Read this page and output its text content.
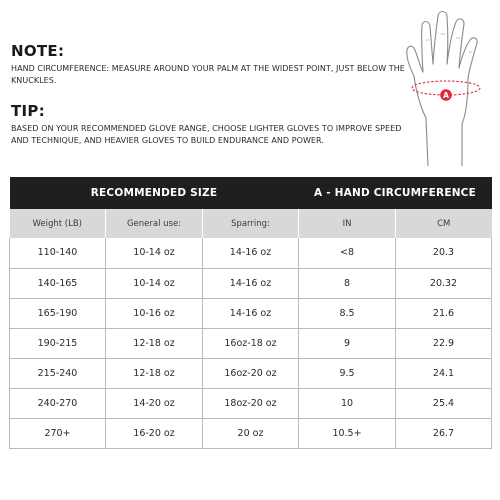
NOTE:
HAND CIRCUMFERENCE: MEASURE AROUND YOUR PALM AT THE WIDEST POINT, JUST BELOW THE KNUCKLES.
TIP:
BASED ON YOUR RECOMMENDED GLOVE RANGE, CHOOSE LIGHTER GLOVES TO IMPROVE SPEED AND TECHNIQUE, AND HEAVIER GLOVES TO BUILD ENDURANCE AND POWER.
A
RECOMMENDED SIZE			A - HAND CIRCUMFERENCE	
Weight (LB)	General use:	Sparring:	IN	CM
110-140	10-14 oz	14-16 oz	<8	20.3
140-165	10-14 oz	14-16 oz	8	20.32
165-190	10-16 oz	14-16 oz	8.5	21.6
190-215	12-18 oz	16oz-18 oz	9	22.9
215-240	12-18 oz	16oz-20 oz	9.5	24.1
240-270	14-20 oz	18oz-20 oz	10	25.4
270+	16-20 oz	20 oz	10.5+	26.7
